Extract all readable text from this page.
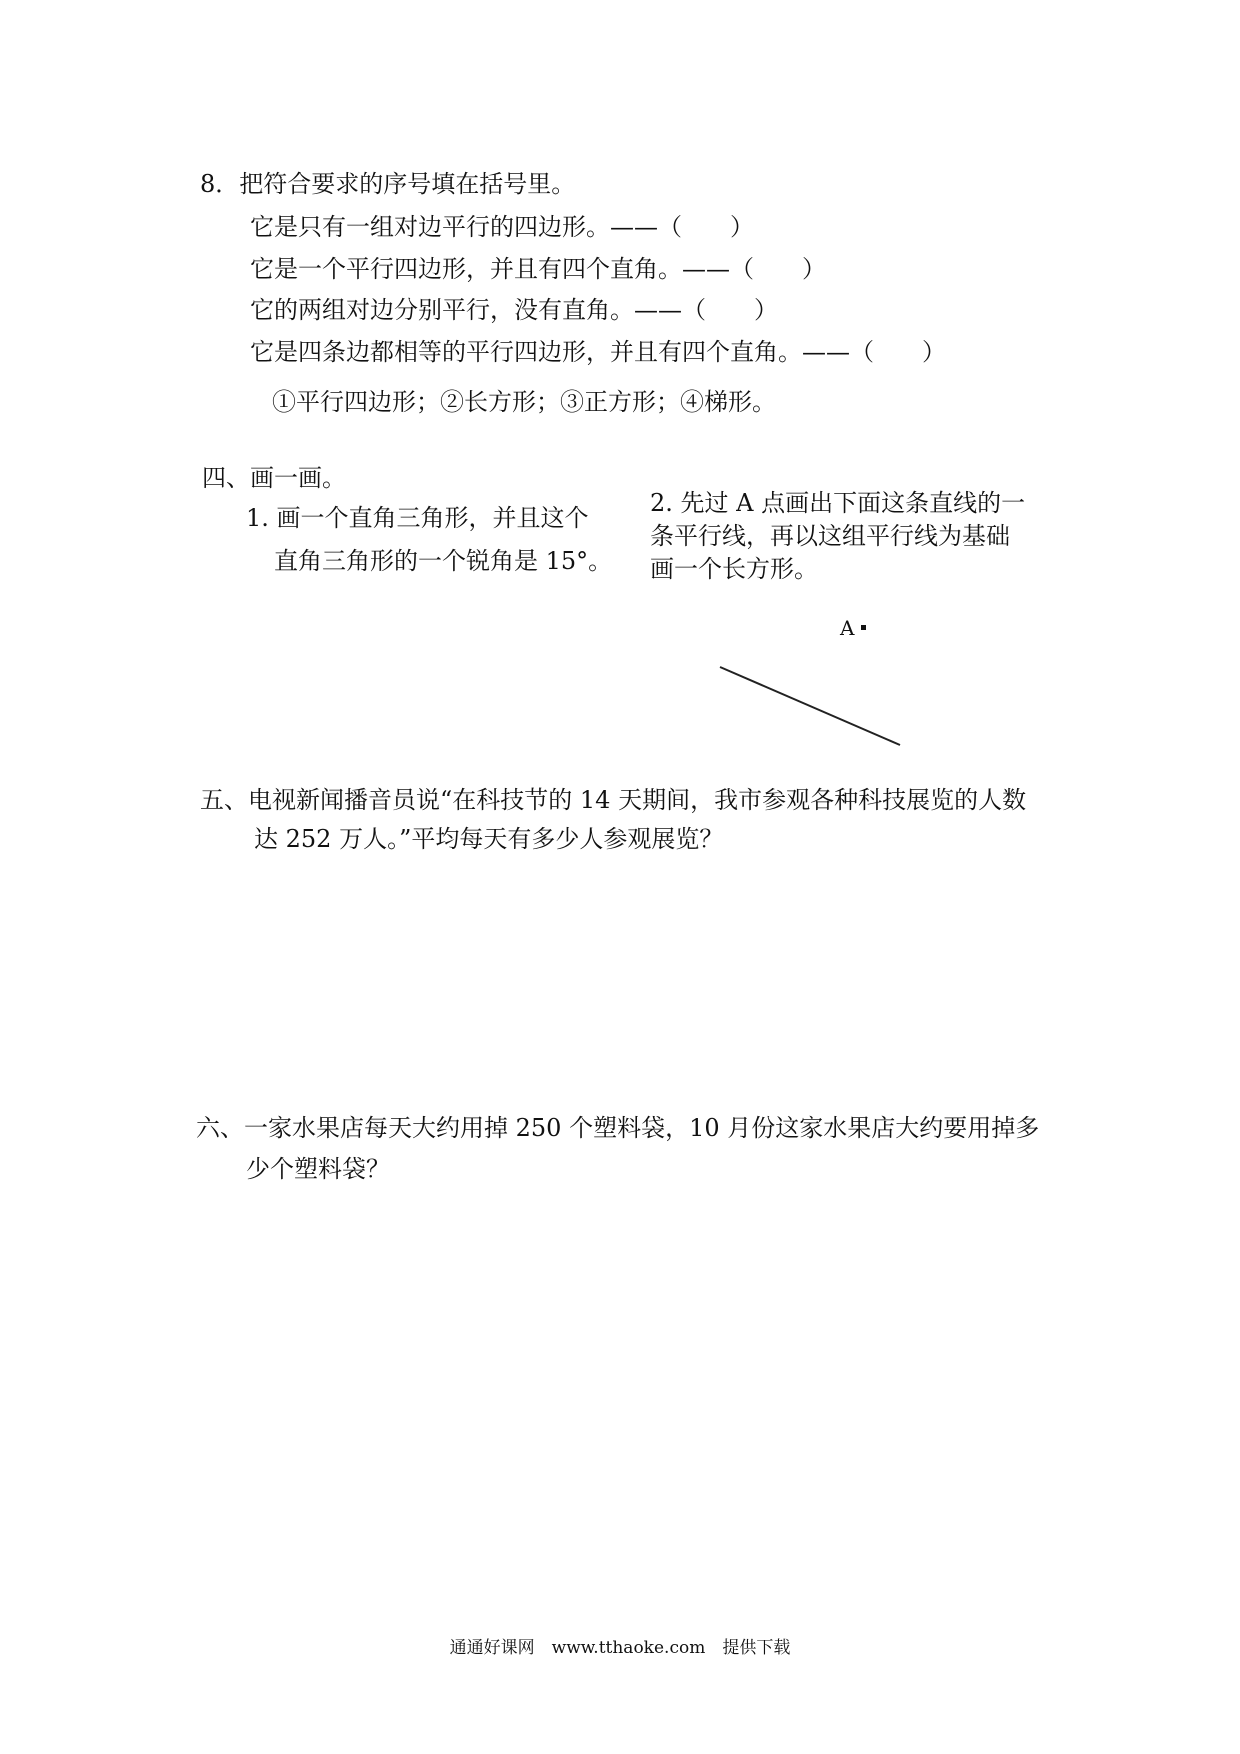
8．把符合要求的序号填在括号里。
它是只有一组对边平行的四边形。——（　　）
它是一个平行四边形，并且有四个直角。——（　　）
它的两组对边分别平行，没有直角。——（　　）
它是四条边都相等的平行四边形，并且有四个直角。——（　　）
①平行四边形；②长方形；③正方形；④梯形。
四、画一画。
1. 画一个直角三角形，并且这个
直角三角形的一个锐角是 15°。
2. 先过 A 点画出下面这条直线的一
条平行线，再以这组平行线为基础
画一个长方形。
A
五、电视新闻播音员说“在科技节的 14 天期间，我市参观各种科技展览的人数
达 252 万人。”平均每天有多少人参观展览？
六、一家水果店每天大约用掉 250 个塑料袋，10 月份这家水果店大约要用掉多
少个塑料袋？
通通好课网　www.tthaoke.com　提供下载
